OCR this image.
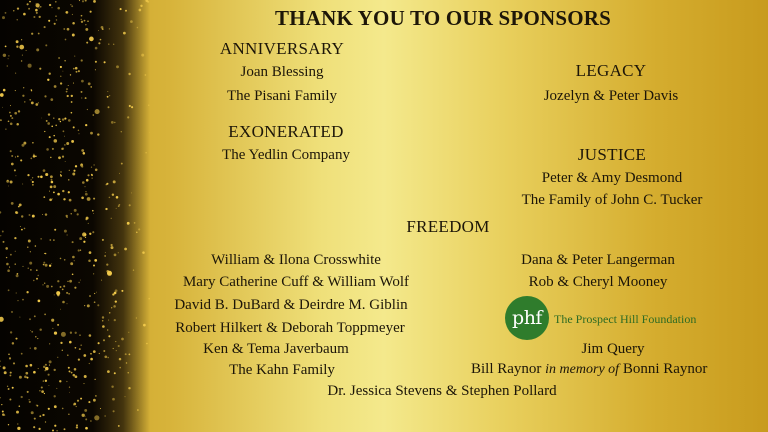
THANK YOU TO OUR SPONSORS
ANNIVERSARY
Joan Blessing
The Pisani Family
LEGACY
Jozelyn & Peter Davis
EXONERATED
The Yedlin Company	JUSTICE
Peter & Amy Desmond
The Family of John C. Tucker
FREEDOM
William & Ilona Crosswhite
Mary Catherine Cuff & William Wolf
David B. DuBard & Deirdre M. Giblin
Robert Hilkert & Deborah Toppmeyer
Ken & Tema Javerbaum
The Kahn Family
Dana & Peter Langerman
Rob & Cheryl Mooney
phf The Prospect Hill Foundation
Jim Query
Bill Raynor in memory of Bonni Raynor
Dr. Jessica Stevens & Stephen Pollard
